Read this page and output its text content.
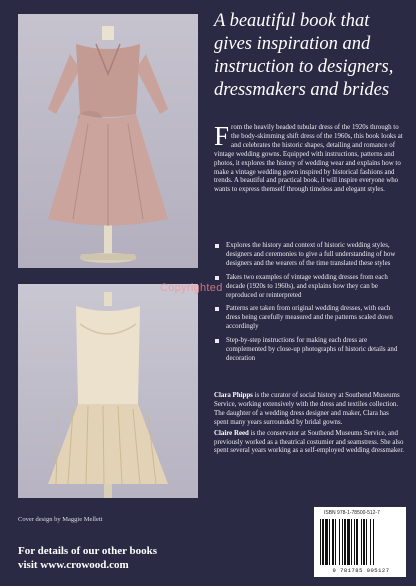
Copyrighted
A beautiful book that
gives inspiration and
instruction to designers,
dressmakers and brides
From the heavily beaded tubular dress of the 1920s through to the body-skimming shift dress of the 1960s, this book looks at and celebrates the historic shapes, detailing and romance of vintage wedding gowns. Equipped with instructions, patterns and photos, it explores the history of wedding wear and explains how to make a vintage wedding gown inspired by historical fashions and trends. A beautiful and practical book, it will inspire everyone who wants to express themself through timeless and elegant styles.
Explores the history and context of historic wedding styles, designers and ceremonies to give a full understanding of how designers and the wearers of the time translated these styles
Takes two examples of vintage wedding dresses from each decade (1920s to 1960s), and explains how they can be reproduced or reinterpreted
Patterns are taken from original wedding dresses, with each dress being carefully measured and the patterns scaled down accordingly
Step-by-step instructions for making each dress are complemented by close-up photographs of historic details and decoration

Clara Phipps is the curator of social history at Southend Museums Service, working extensively with the dress and textiles collection. The daughter of a wedding dress designer and maker, Clara has spent many years surrounded by bridal gowns.

Claire Reed is the conservator at Southend Museums Service, and previously worked as a theatrical costumier and seamstress. She also spent several years working as a self-employed wedding dressmaker.

Cover design by Maggie Mellett
For details of our other books
visit www.crowood.com
ISBN 978-1-78500-512-7
9 781785 005127
